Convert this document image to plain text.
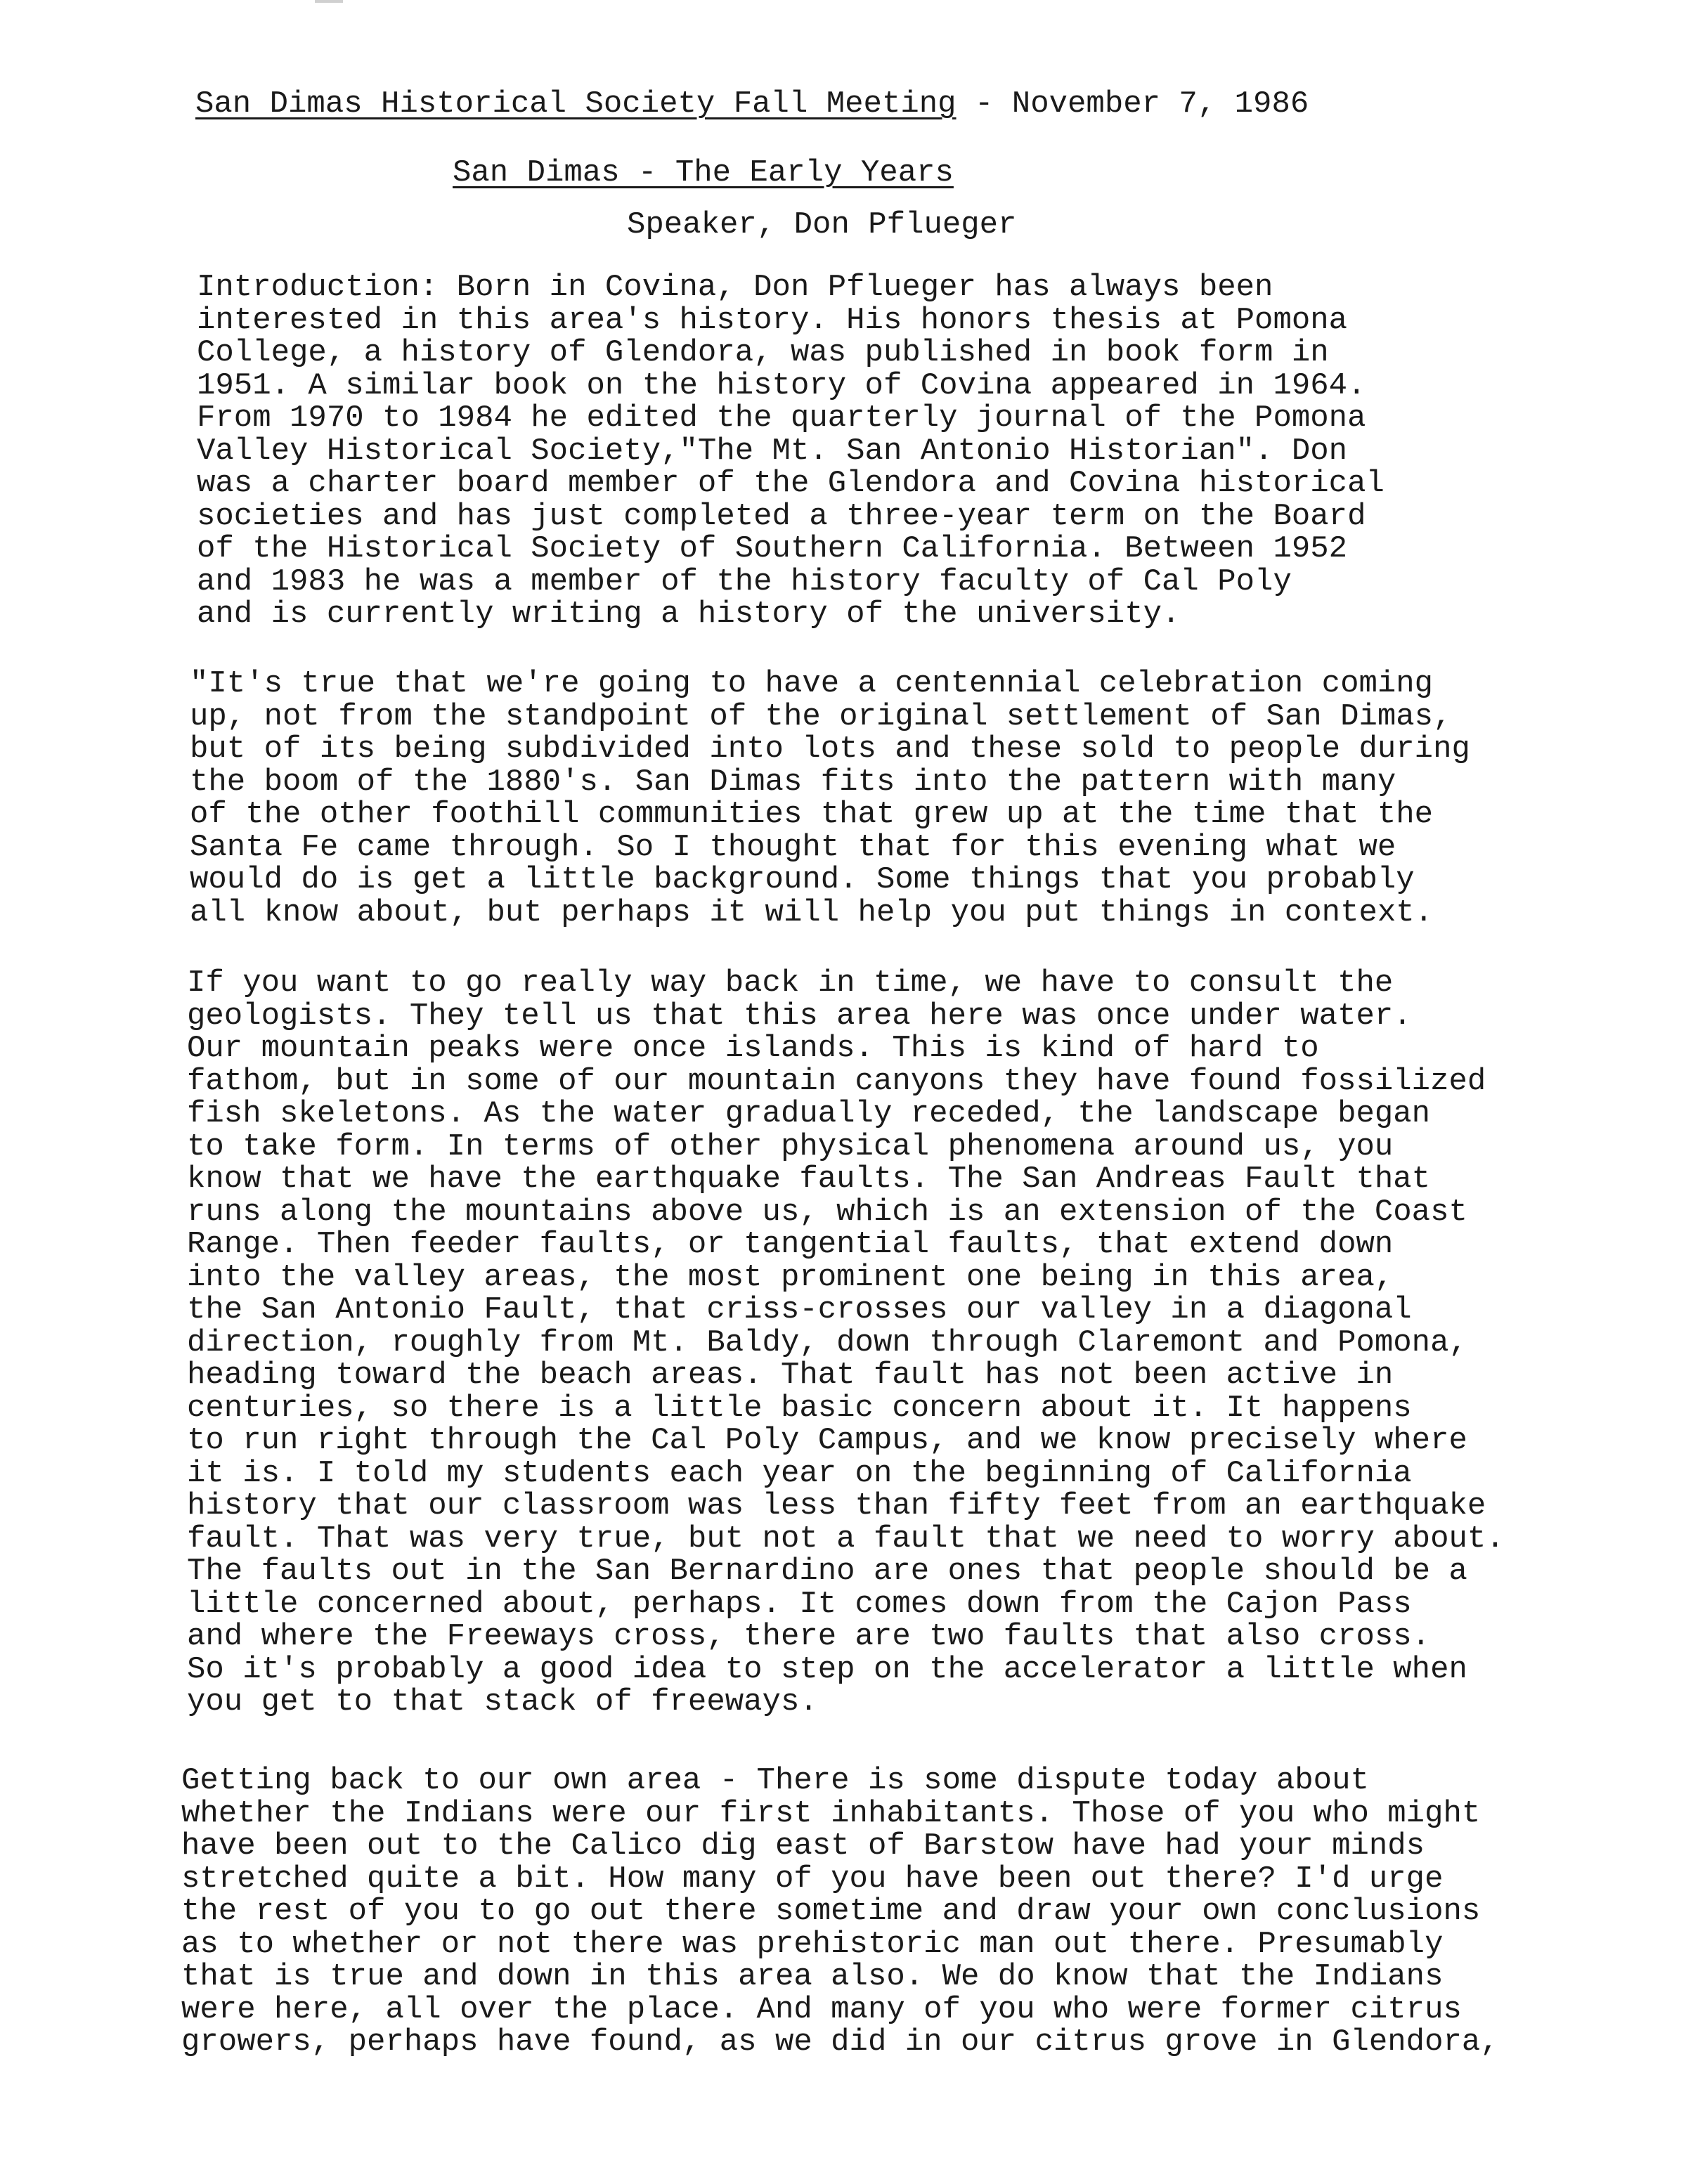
San Dimas Historical Society Fall Meeting - November 7, 1986
San Dimas - The Early Years
Speaker, Don Pflueger

Introduction: Born in Covina, Don Pflueger has always been
interested in this area's history. His honors thesis at Pomona
College, a history of Glendora, was published in book form in
1951. A similar book on the history of Covina appeared in 1964.
From 1970 to 1984 he edited the quarterly journal of the Pomona
Valley Historical Society,"The Mt. San Antonio Historian". Don
was a charter board member of the Glendora and Covina historical
societies and has just completed a three-year term on the Board
of the Historical Society of Southern California. Between 1952
and 1983 he was a member of the history faculty of Cal Poly
and is currently writing a history of the university.

"It's true that we're going to have a centennial celebration coming
up, not from the standpoint of the original settlement of San Dimas,
but of its being subdivided into lots and these sold to people during
the boom of the 1880's. San Dimas fits into the pattern with many
of the other foothill communities that grew up at the time that the
Santa Fe came through. So I thought that for this evening what we
would do is get a little background. Some things that you probably
all know about, but perhaps it will help you put things in context.

If you want to go really way back in time, we have to consult the
geologists. They tell us that this area here was once under water.
Our mountain peaks were once islands. This is kind of hard to
fathom, but in some of our mountain canyons they have found fossilized
fish skeletons. As the water gradually receded, the landscape began
to take form. In terms of other physical phenomena around us, you
know that we have the earthquake faults. The San Andreas Fault that
runs along the mountains above us, which is an extension of the Coast
Range. Then feeder faults, or tangential faults, that extend down
into the valley areas, the most prominent one being in this area,
the San Antonio Fault, that criss-crosses our valley in a diagonal
direction, roughly from Mt. Baldy, down through Claremont and Pomona,
heading toward the beach areas. That fault has not been active in
centuries, so there is a little basic concern about it. It happens
to run right through the Cal Poly Campus, and we know precisely where
it is. I told my students each year on the beginning of California
history that our classroom was less than fifty feet from an earthquake
fault. That was very true, but not a fault that we need to worry about.
The faults out in the San Bernardino are ones that people should be a
little concerned about, perhaps. It comes down from the Cajon Pass
and where the Freeways cross, there are two faults that also cross.
So it's probably a good idea to step on the accelerator a little when
you get to that stack of freeways.

Getting back to our own area - There is some dispute today about
whether the Indians were our first inhabitants. Those of you who might
have been out to the Calico dig east of Barstow have had your minds
stretched quite a bit. How many of you have been out there? I'd urge
the rest of you to go out there sometime and draw your own conclusions
as to whether or not there was prehistoric man out there. Presumably
that is true and down in this area also. We do know that the Indians
were here, all over the place. And many of you who were former citrus
growers, perhaps have found, as we did in our citrus grove in Glendora,
